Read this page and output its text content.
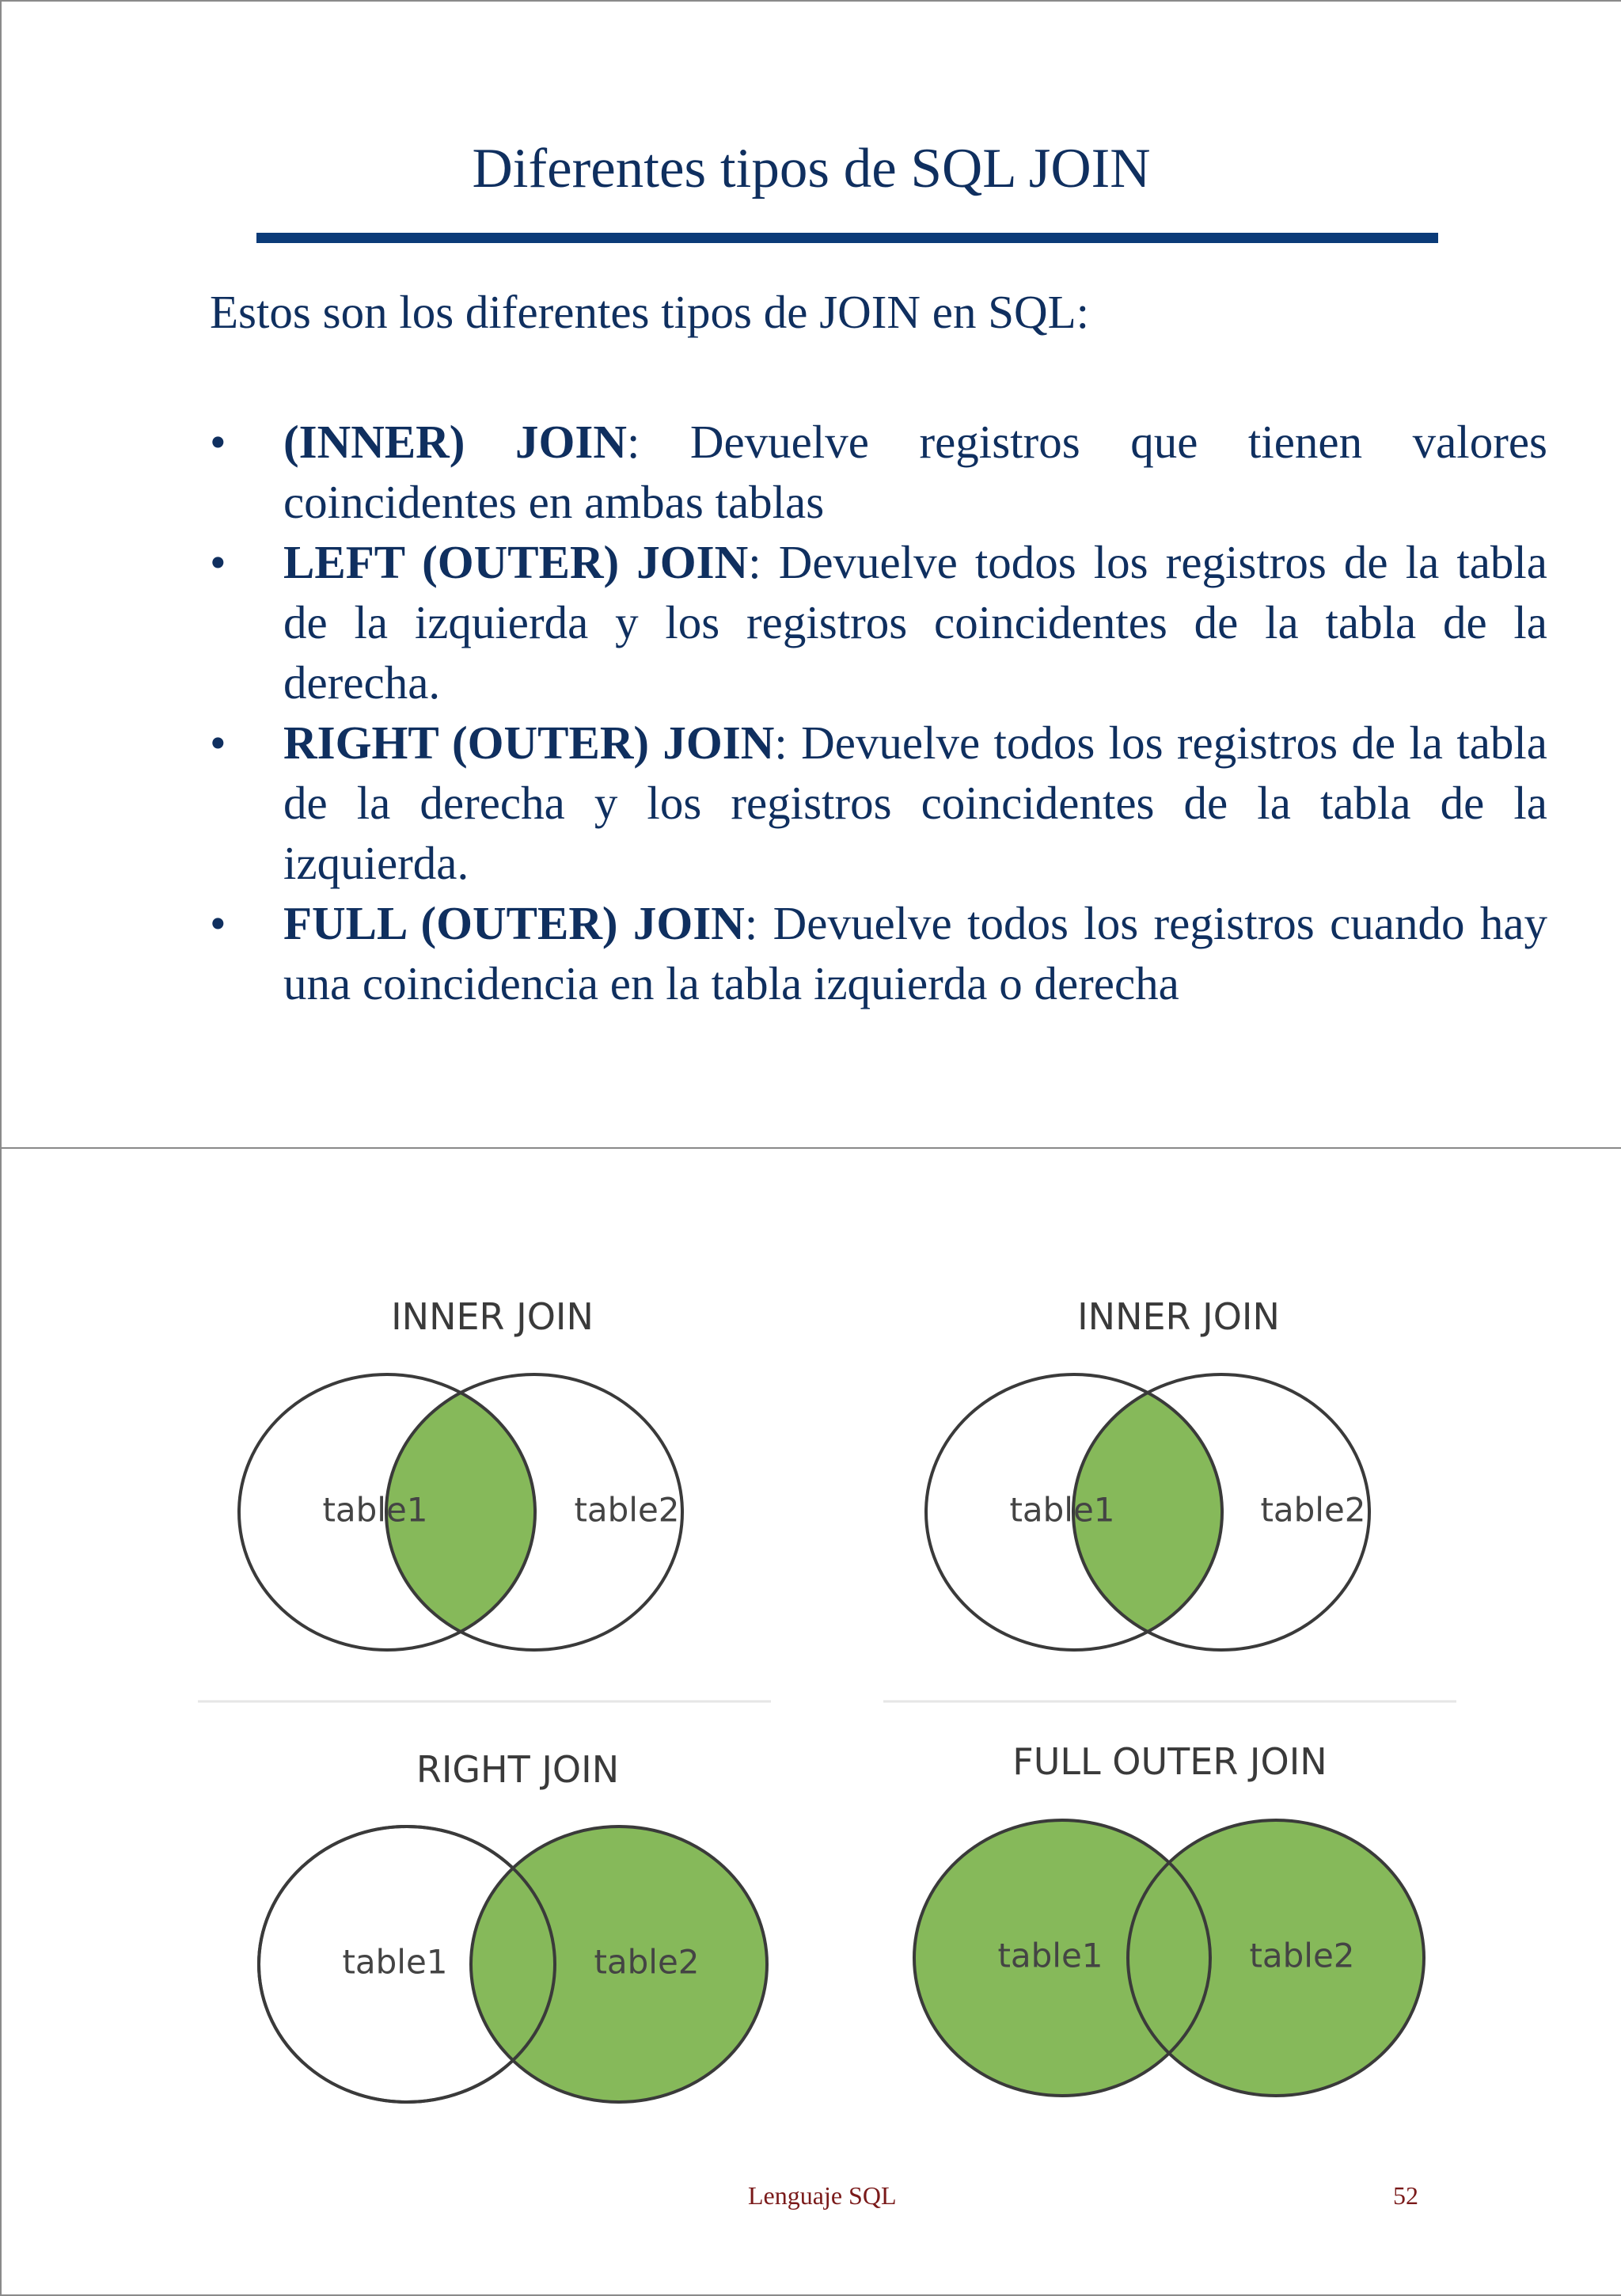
Diferentes tipos de SQL JOIN

Estos son los diferentes tipos de JOIN en SQL:

• (INNER) JOIN: Devuelve registros que tienen valores coincidentes en ambas tablas
• LEFT (OUTER) JOIN: Devuelve todos los registros de la tabla de la izquierda y los registros coincidentes de la tabla de la derecha.
• RIGHT (OUTER) JOIN: Devuelve todos los registros de la tabla de la derecha y los registros coincidentes de la tabla de la izquierda.
• FULL (OUTER) JOIN: Devuelve todos los registros cuando hay una coincidencia en la tabla izquierda o derecha
INNER JOIN
table1	table2
INNER JOIN
table1	table2
RIGHT JOIN
table1	table2
FULL OUTER JOIN
table1	table2

Lenguaje SQL	52
